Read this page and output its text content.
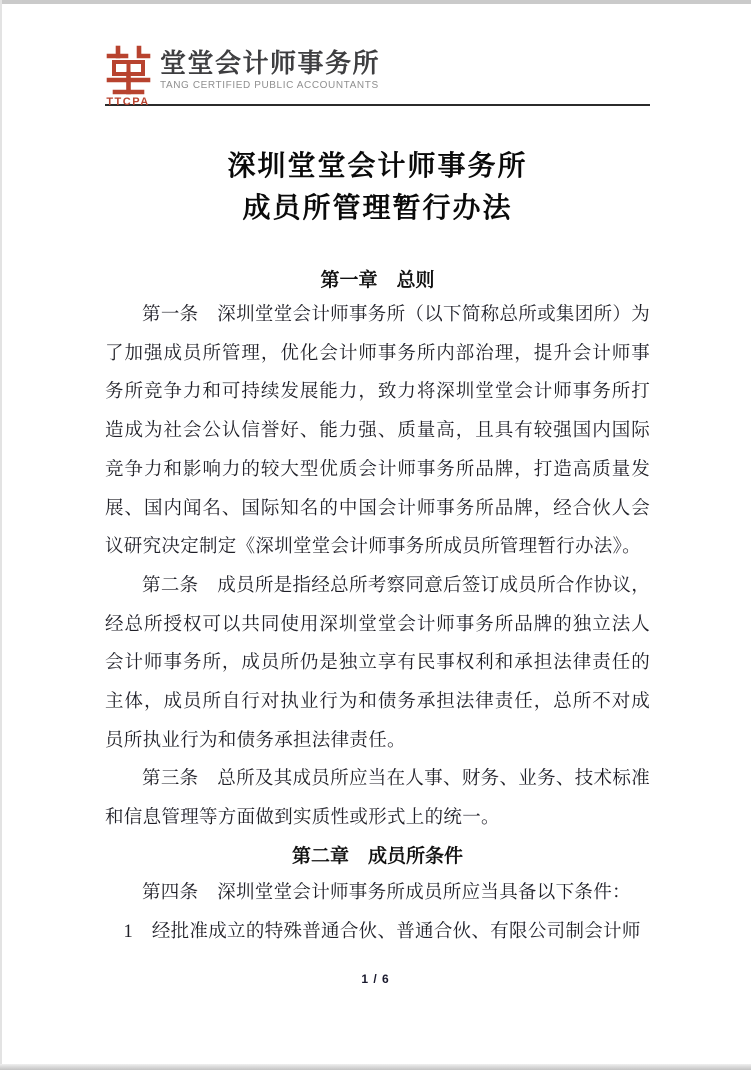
TTCPA
堂堂会计师事务所
TANG CERTIFIED PUBLIC ACCOUNTANTS
深圳堂堂会计师事务所
成员所管理暂行办法
第一章　总则

第一条　深圳堂堂会计师事务所（以下简称总所或集团所）为了加强成员所管理，优化会计师事务所内部治理，提升会计师事务所竞争力和可持续发展能力，致力将深圳堂堂会计师事务所打造成为社会公认信誉好、能力强、质量高，且具有较强国内国际竞争力和影响力的较大型优质会计师事务所品牌，打造高质量发展、国内闻名、国际知名的中国会计师事务所品牌，经合伙人会议研究决定制定《深圳堂堂会计师事务所成员所管理暂行办法》。

第二条　成员所是指经总所考察同意后签订成员所合作协议，经总所授权可以共同使用深圳堂堂会计师事务所品牌的独立法人会计师事务所，成员所仍是独立享有民事权利和承担法律责任的主体，成员所自行对执业行为和债务承担法律责任，总所不对成员所执业行为和债务承担法律责任。

第三条　总所及其成员所应当在人事、财务、业务、技术标准和信息管理等方面做到实质性或形式上的统一。

第二章　成员所条件

第四条　深圳堂堂会计师事务所成员所应当具备以下条件：

1　经批准成立的特殊普通合伙、普通合伙、有限公司制会计师

1 / 6
